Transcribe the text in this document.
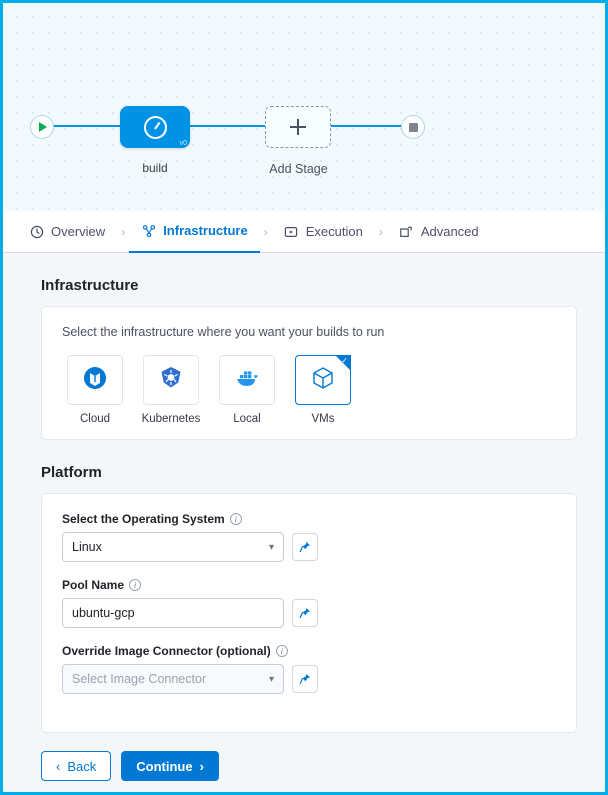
v0
build	Add Stage
Overview	›	Infrastructure	›	Execution	›	Advanced
Infrastructure
Select the infrastructure where you want your builds to run
Cloud	Kubernetes	Local
✓
VMs
Platform
Select the Operating System	i
Linux	▾
Pool Name	i
ubuntu-gcp
Override Image Connector (optional)	i
Select Image Connector	▾
‹ Back	Continue ›
